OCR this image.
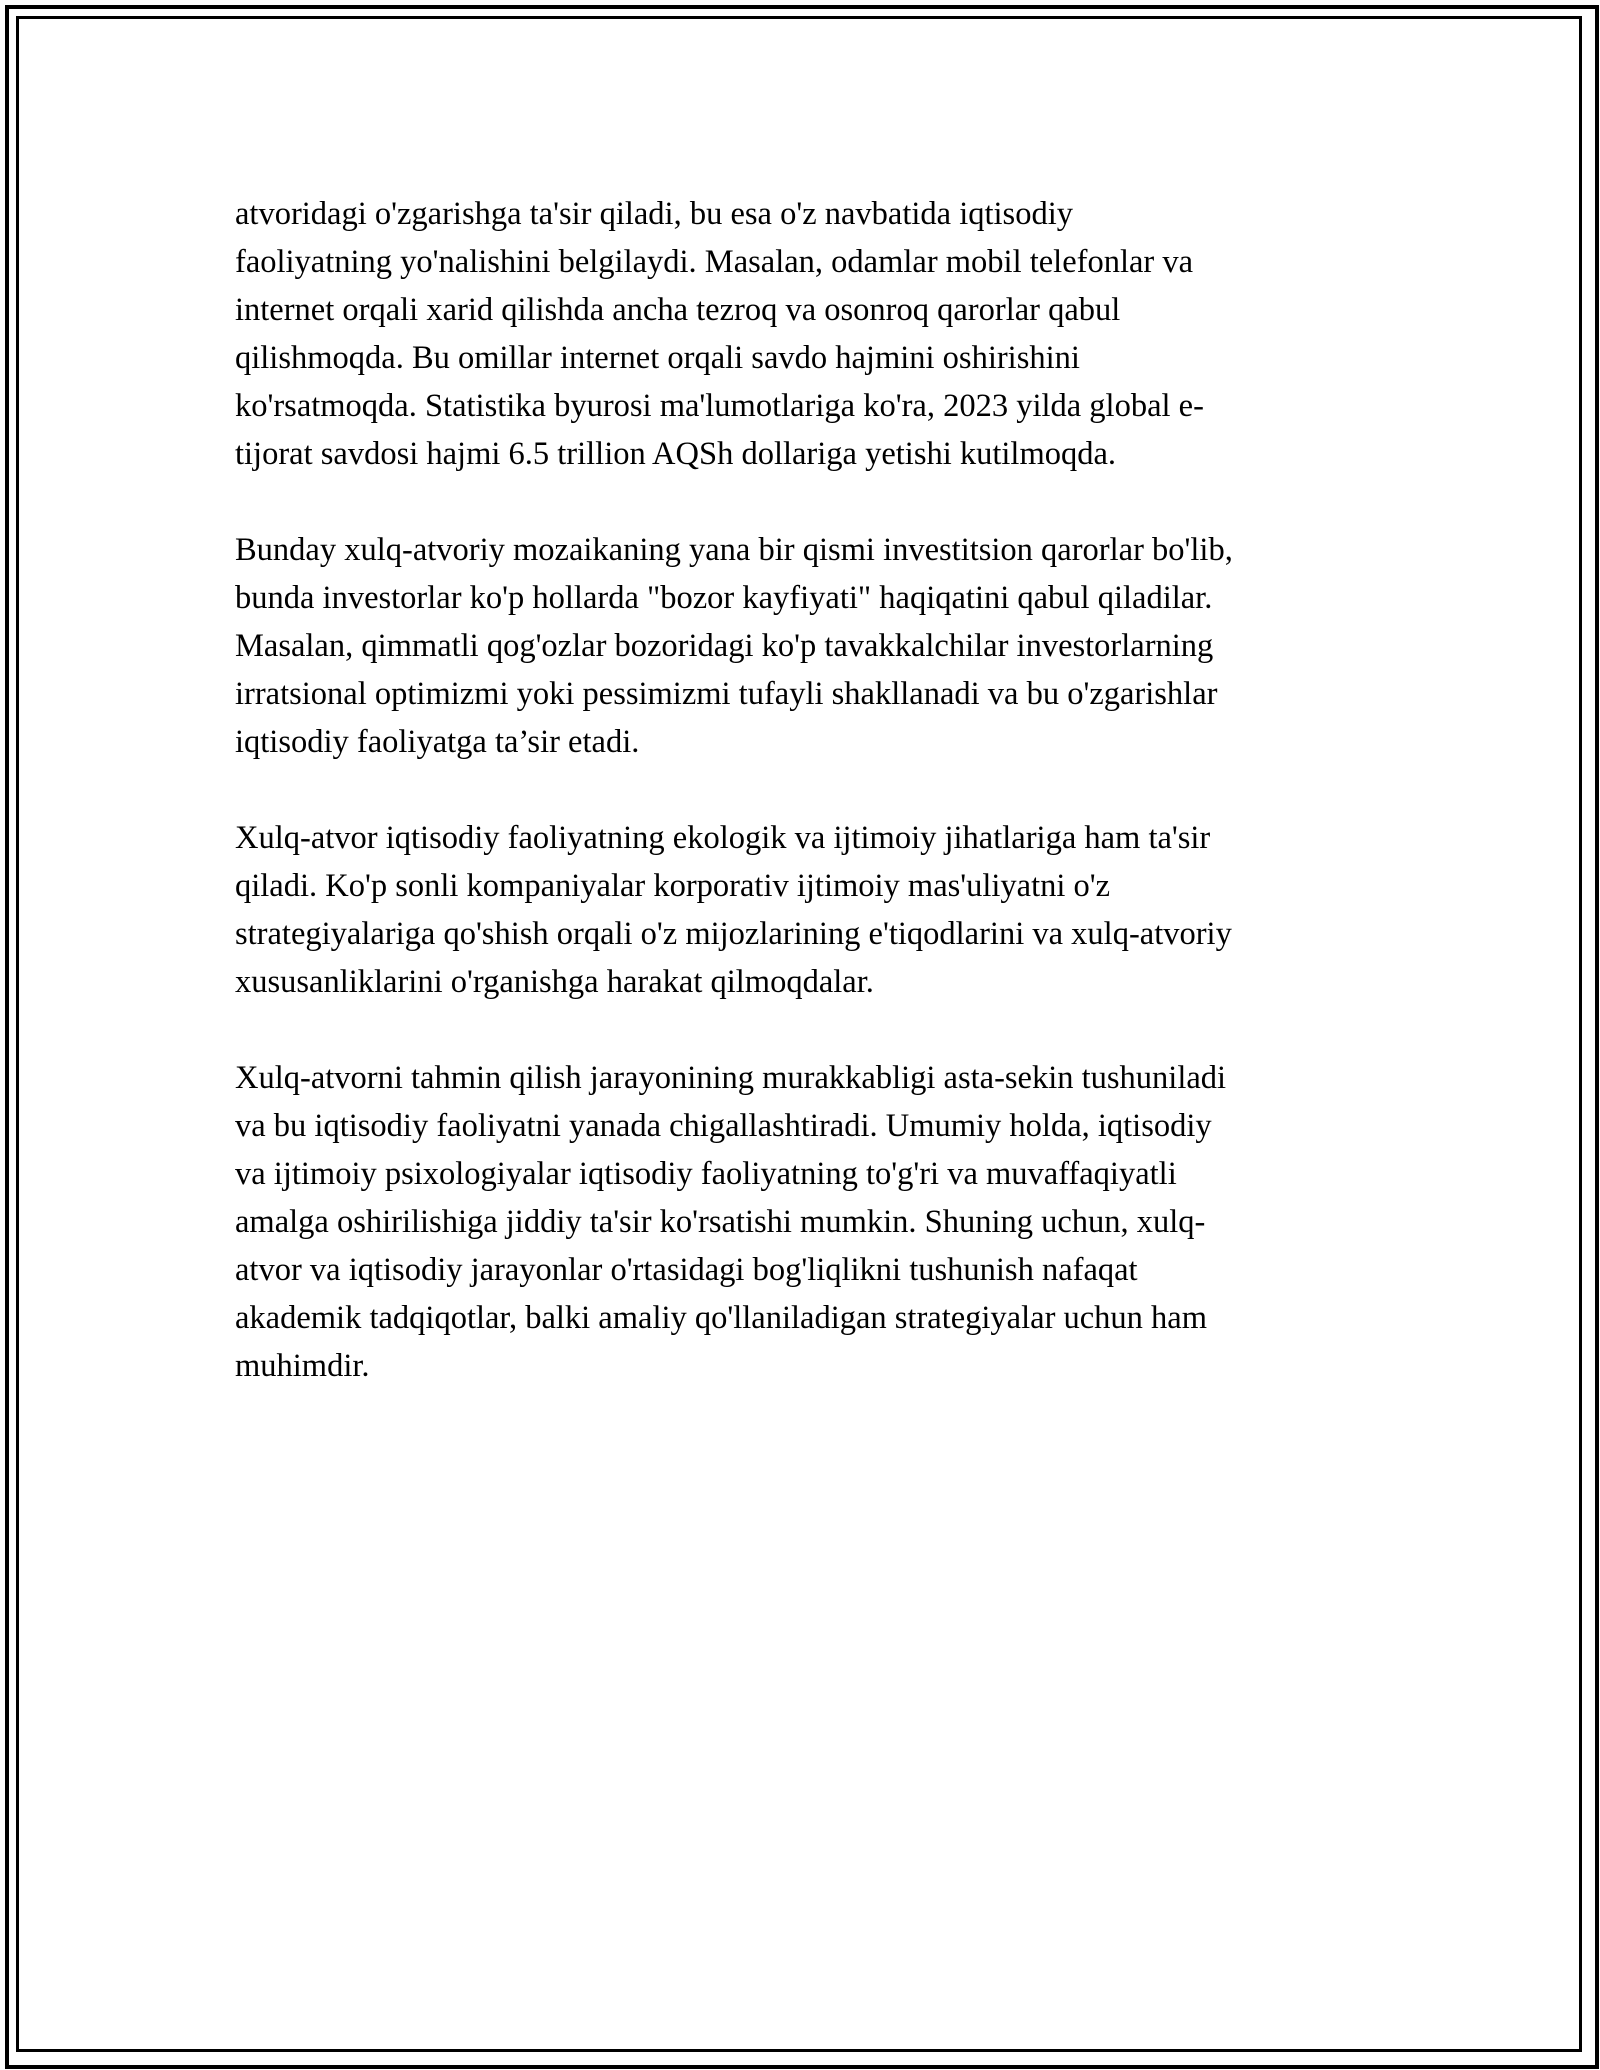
atvoridagi o'zgarishga ta'sir qiladi, bu esa o'z navbatida iqtisodiy
faoliyatning yo'nalishini belgilaydi. Masalan, odamlar mobil telefonlar va
internet orqali xarid qilishda ancha tezroq va osonroq qarorlar qabul
qilishmoqda. Bu omillar internet orqali savdo hajmini oshirishini
ko'rsatmoqda. Statistika byurosi ma'lumotlariga ko'ra, 2023 yilda global e-
tijorat savdosi hajmi 6.5 trillion AQSh dollariga yetishi kutilmoqda.

Bunday xulq-atvoriy mozaikaning yana bir qismi investitsion qarorlar bo'lib,
bunda investorlar ko'p hollarda "bozor kayfiyati" haqiqatini qabul qiladilar.
Masalan, qimmatli qog'ozlar bozoridagi ko'p tavakkalchilar investorlarning
irratsional optimizmi yoki pessimizmi tufayli shakllanadi va bu o'zgarishlar
iqtisodiy faoliyatga ta’sir etadi.

Xulq-atvor iqtisodiy faoliyatning ekologik va ijtimoiy jihatlariga ham ta'sir
qiladi. Ko'p sonli kompaniyalar korporativ ijtimoiy mas'uliyatni o'z
strategiyalariga qo'shish orqali o'z mijozlarining e'tiqodlarini va xulq-atvoriy
xususanliklarini o'rganishga harakat qilmoqdalar.

Xulq-atvorni tahmin qilish jarayonining murakkabligi asta-sekin tushuniladi
va bu iqtisodiy faoliyatni yanada chigallashtiradi. Umumiy holda, iqtisodiy
va ijtimoiy psixologiyalar iqtisodiy faoliyatning to'g'ri va muvaffaqiyatli
amalga oshirilishiga jiddiy ta'sir ko'rsatishi mumkin. Shuning uchun, xulq-
atvor va iqtisodiy jarayonlar o'rtasidagi bog'liqlikni tushunish nafaqat
akademik tadqiqotlar, balki amaliy qo'llaniladigan strategiyalar uchun ham
muhimdir.
